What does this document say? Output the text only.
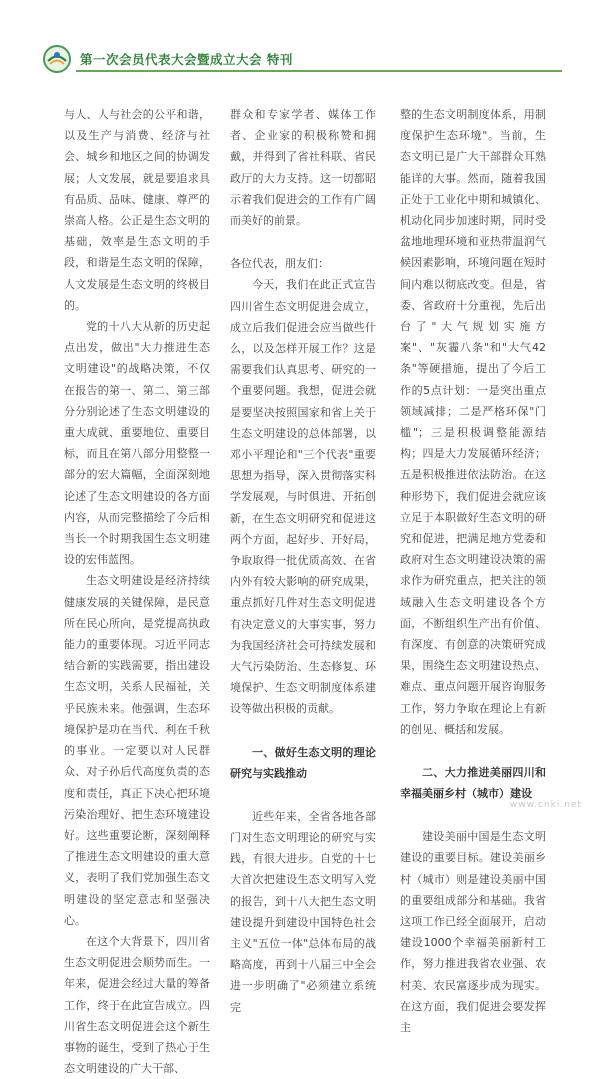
第一次会员代表大会暨成立大会 特刊

与人、人与社会的公平和谐，以及生产与消费、经济与社会、城乡和地区之间的协调发展；人文发展，就是要追求具有品质、品味、健康、尊严的崇高人格。公正是生态文明的基础，效率是生态文明的手段，和谐是生态文明的保障，人文发展是生态文明的终极目的。

党的十八大从新的历史起点出发，做出"大力推进生态文明建设"的战略决策，不仅在报告的第一、第二、第三部分分别论述了生态文明建设的重大成就、重要地位、重要目标，而且在第八部分用整整一部分的宏大篇幅，全面深刻地论述了生态文明建设的各方面内容，从而完整描绘了今后相当长一个时期我国生态文明建设的宏伟蓝图。

生态文明建设是经济持续健康发展的关键保障，是民意所在民心所向，是党提高执政能力的重要体现。习近平同志结合新的实践需要，指出建设生态文明，关系人民福祉，关乎民族未来。他强调，生态环境保护是功在当代、利在千秋的事业。一定要以对人民群众、对子孙后代高度负责的态度和责任，真正下决心把环境污染治理好、把生态环境建设好。这些重要论断，深刻阐释了推进生态文明建设的重大意义，表明了我们党加强生态文明建设的坚定意志和坚强决心。

在这个大背景下，四川省生态文明促进会顺势而生。一年来，促进会经过大量的筹备工作，终于在此宣告成立。四川省生态文明促进会这个新生事物的诞生，受到了热心于生态文明建设的广大干部、

群众和专家学者、媒体工作者、企业家的积极称赞和拥戴，并得到了省社科联、省民政厅的大力支持。这一切都昭示着我们促进会的工作有广阔而美好的前景。

各位代表，朋友们：

今天，我们在此正式宣告四川省生态文明促进会成立，成立后我们促进会应当做些什么，以及怎样开展工作？这是需要我们认真思考、研究的一个重要问题。我想，促进会就是要坚决按照国家和省上关于生态文明建设的总体部署，以邓小平理论和"三个代表"重要思想为指导，深入贯彻落实科学发展观，与时俱进、开拓创新，在生态文明研究和促进这两个方面，起好步、开好局，争取取得一批优质高效、在省内外有较大影响的研究成果，重点抓好几件对生态文明促进有决定意义的大事实事，努力为我国经济社会可持续发展和大气污染防治、生态修复、环境保护、生态文明制度体系建设等做出积极的贡献。

一、做好生态文明的理论研究与实践推动

近些年来，全省各地各部门对生态文明理论的研究与实践，有很大进步。自党的十七大首次把建设生态文明写入党的报告，到十八大把生态文明建设提升到建设中国特色社会主义"五位一体"总体布局的战略高度，再到十八届三中全会进一步明确了"必须建立系统完

整的生态文明制度体系，用制度保护生态环境"。当前，生态文明已是广大干部群众耳熟能详的大事。然而，随着我国正处于工业化中期和城镇化、机动化同步加速时期，同时受盆地地理环境和亚热带温润气候因素影响，环境问题在短时间内难以彻底改变。但是，省委、省政府十分重视，先后出台了"大气规划实施方案"、"灰霾八条"和"大气42条"等硬措施，提出了今后工作的5点计划：一是突出重点领域减排；二是严格环保"门槛"；三是积极调整能源结构；四是大力发展循环经济；五是积极推进依法防治。在这种形势下，我们促进会就应该立足于本职做好生态文明的研究和促进，把满足地方党委和政府对生态文明建设决策的需求作为研究重点，把关注的领域融入生态文明建设各个方面，不断组织生产出有价值、有深度、有创意的决策研究成果，围绕生态文明建设热点、难点、重点问题开展咨询服务工作，努力争取在理论上有新的创见、概括和发展。

二、大力推进美丽四川和幸福美丽乡村（城市）建设

建设美丽中国是生态文明建设的重要目标。建设美丽乡村（城市）则是建设美丽中国的重要组成部分和基础。我省这项工作已经全面展开，启动建设1000个幸福美丽新村工作，努力推进我省农业强、农村美、农民富逐步成为现实。在这方面，我们促进会要发挥主

www.cnki.net
